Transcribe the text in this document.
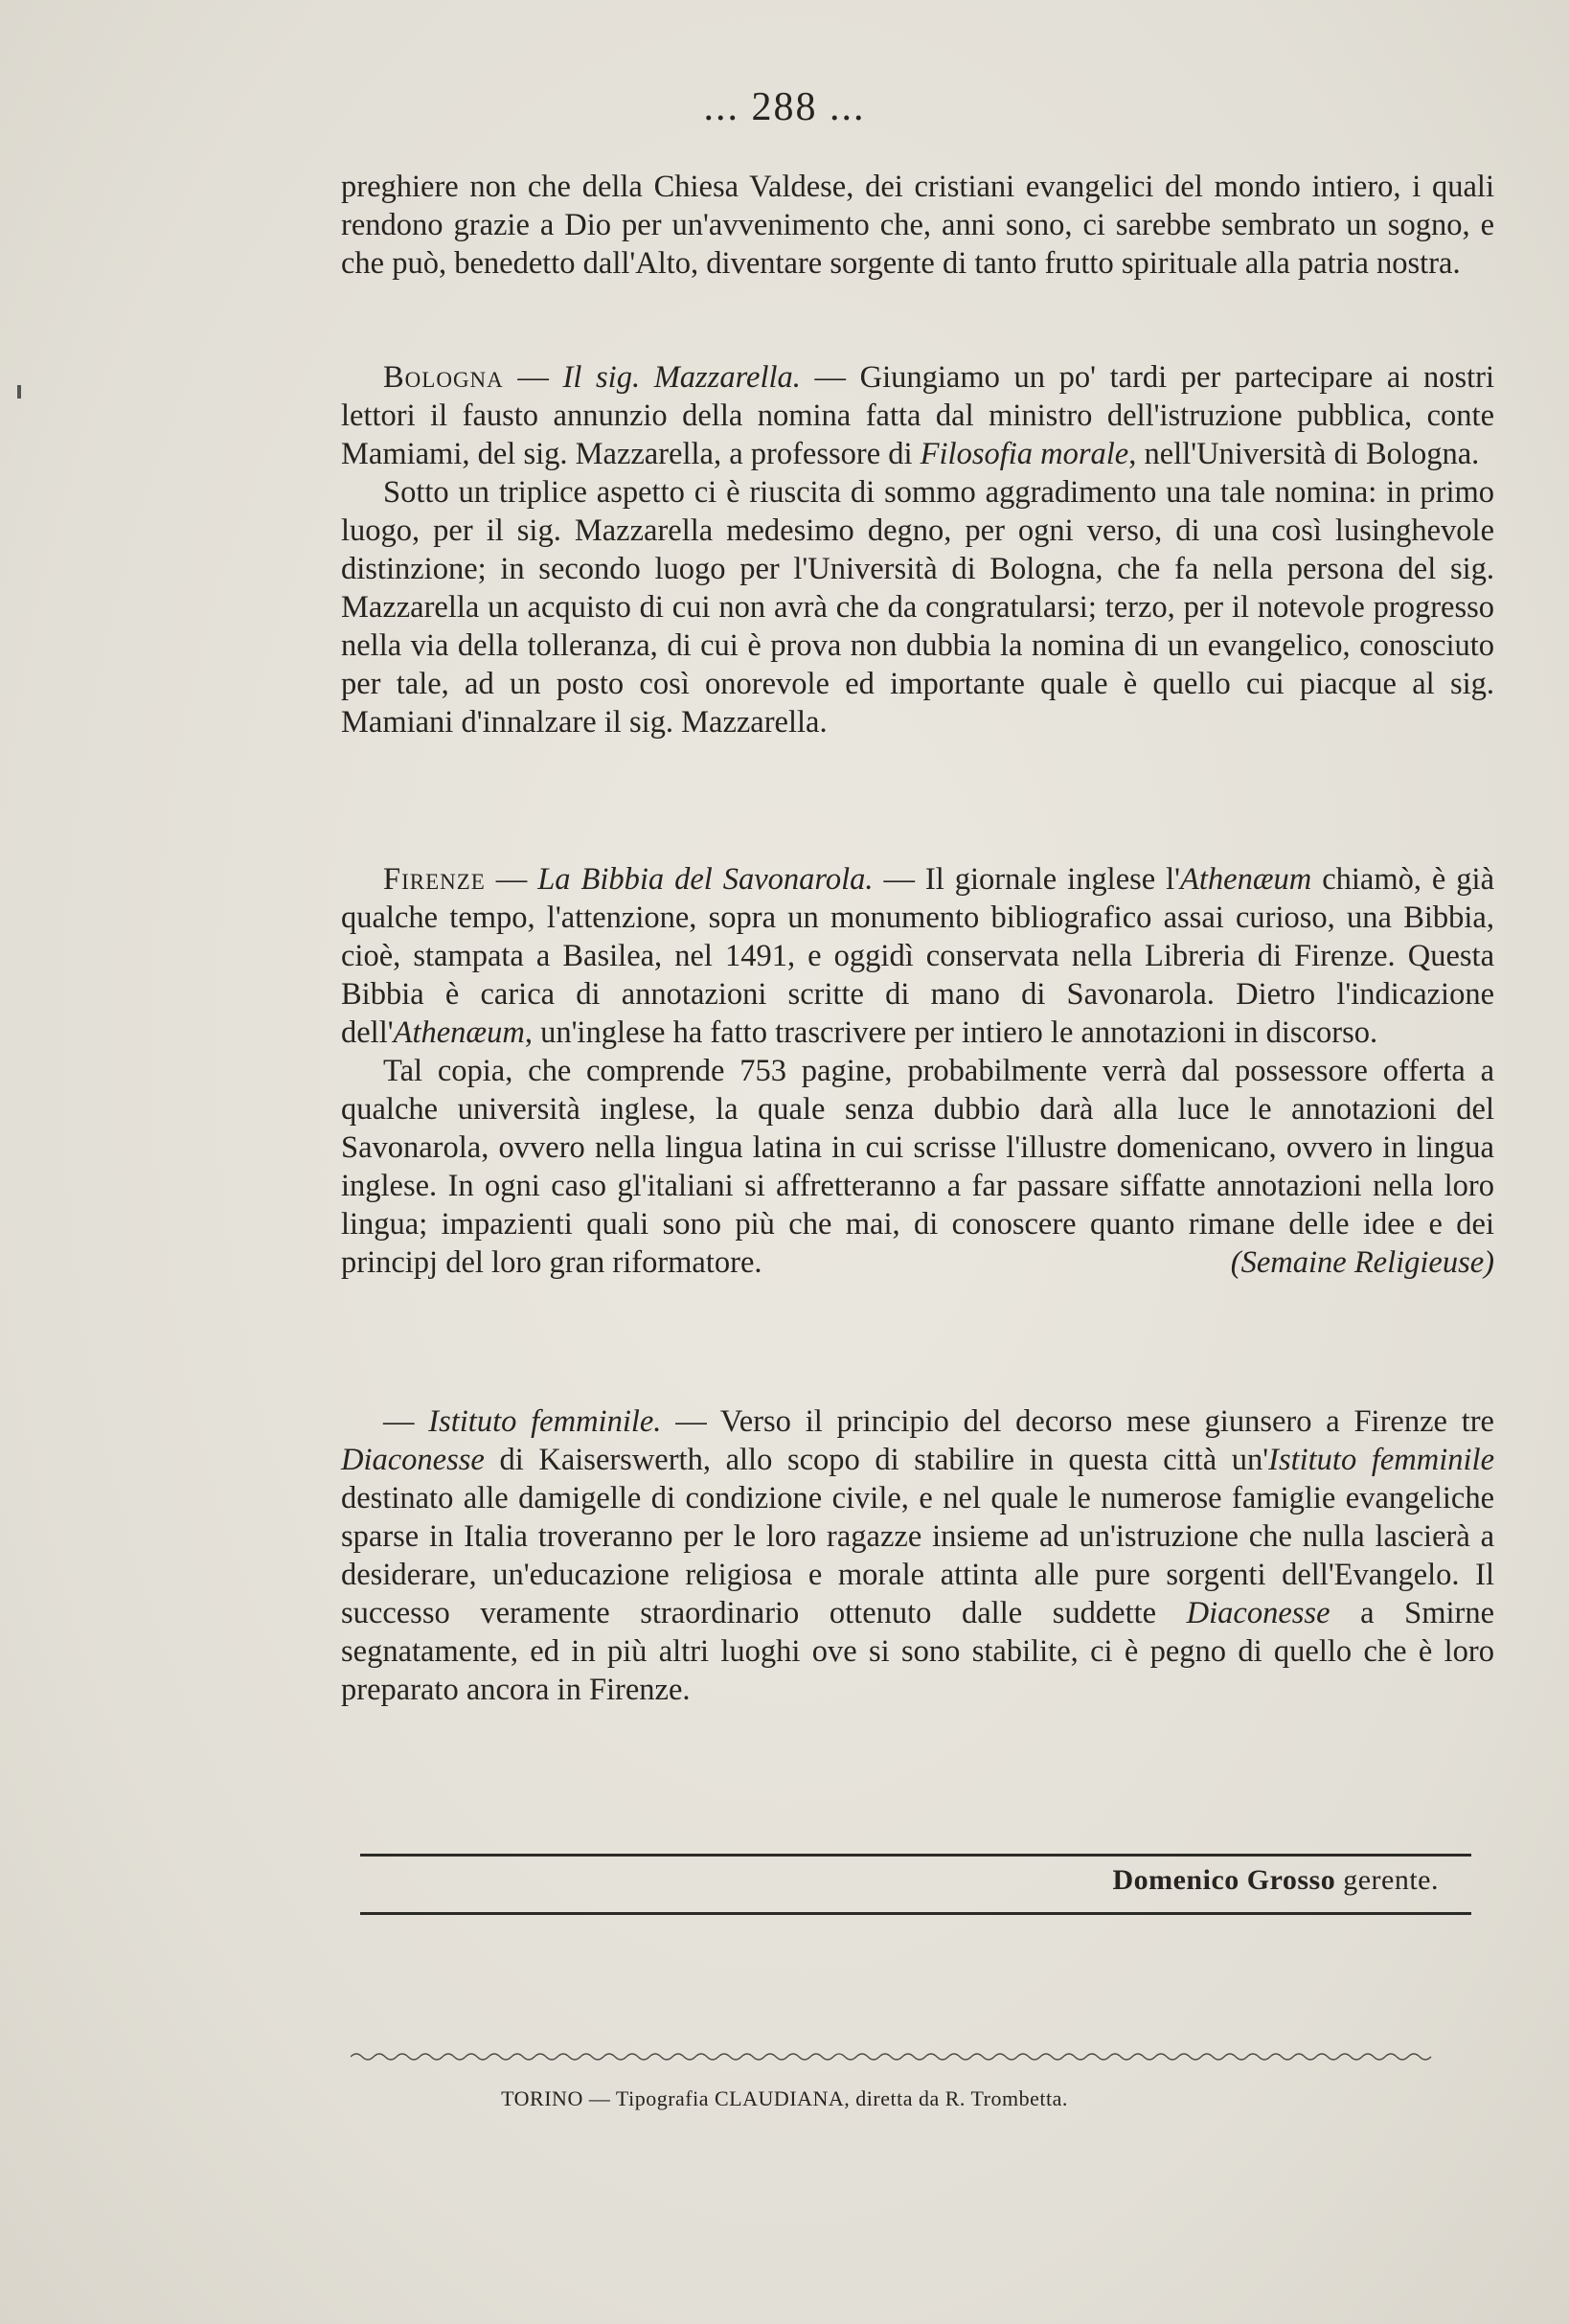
... 288 ...

preghiere non che della Chiesa Valdese, dei cristiani evangelici del mondo intiero, i quali rendono grazie a Dio per un'avvenimento che, anni sono, ci sarebbe sembrato un sogno, e che può, benedetto dall'Alto, diventare sorgente di tanto frutto spirituale alla patria nostra.

Bologna — Il sig. Mazzarella. — Giungiamo un po' tardi per partecipare ai nostri lettori il fausto annunzio della nomina fatta dal ministro dell'istruzione pubblica, conte Mamiami, del sig. Mazzarella, a professore di Filosofia morale, nell'Università di Bologna.

Sotto un triplice aspetto ci è riuscita di sommo aggradimento una tale nomina: in primo luogo, per il sig. Mazzarella medesimo degno, per ogni verso, di una così lusinghevole distinzione; in secondo luogo per l'Università di Bologna, che fa nella persona del sig. Mazzarella un acquisto di cui non avrà che da congratularsi; terzo, per il notevole progresso nella via della tolleranza, di cui è prova non dubbia la nomina di un evangelico, conosciuto per tale, ad un posto così onorevole ed importante quale è quello cui piacque al sig. Mamiani d'innalzare il sig. Mazzarella.

Firenze — La Bibbia del Savonarola. — Il giornale inglese l'Athenæum chiamò, è già qualche tempo, l'attenzione, sopra un monumento bibliografico assai curioso, una Bibbia, cioè, stampata a Basilea, nel 1491, e oggidì conservata nella Libreria di Firenze. Questa Bibbia è carica di annotazioni scritte di mano di Savonarola. Dietro l'indicazione dell'Athenæum, un'inglese ha fatto trascrivere per intiero le annotazioni in discorso.

Tal copia, che comprende 753 pagine, probabilmente verrà dal possessore offerta a qualche università inglese, la quale senza dubbio darà alla luce le annotazioni del Savonarola, ovvero nella lingua latina in cui scrisse l'illustre domenicano, ovvero in lingua inglese. In ogni caso gl'italiani si affretteranno a far passare siffatte annotazioni nella loro lingua; impazienti quali sono più che mai, di conoscere quanto rimane delle idee e dei principj del loro gran riformatore.	(Semaine Religieuse)

— Istituto femminile. — Verso il principio del decorso mese giunsero a Firenze tre Diaconesse di Kaiserswerth, allo scopo di stabilire in questa città un'Istituto femminile destinato alle damigelle di condizione civile, e nel quale le numerose famiglie evangeliche sparse in Italia troveranno per le loro ragazze insieme ad un'istruzione che nulla lascierà a desiderare, un'educazione religiosa e morale attinta alle pure sorgenti dell'Evangelo. Il successo veramente straordinario ottenuto dalle suddette Diaconesse a Smirne segnatamente, ed in più altri luoghi ove si sono stabilite, ci è pegno di quello che è loro preparato ancora in Firenze.

Domenico Grosso gerente.
TORINO — Tipografia CLAUDIANA, diretta da R. Trombetta.
